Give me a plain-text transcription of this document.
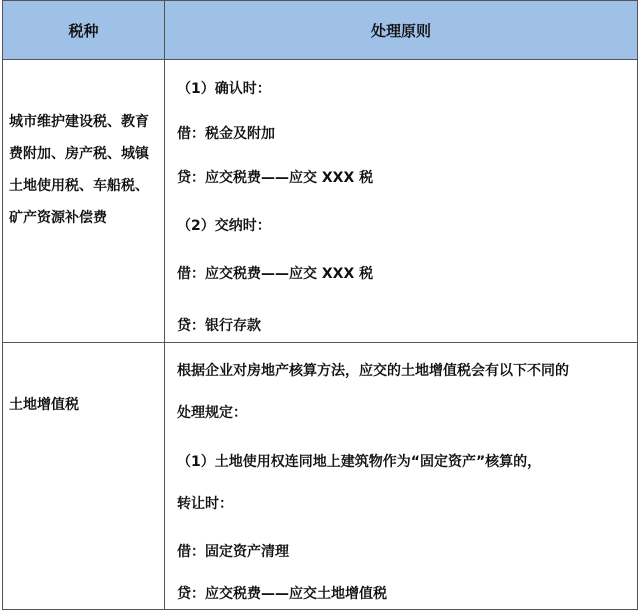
税种	处理原则
城市维护建设税、教育费附加、房产税、城镇土地使用税、车船税、矿产资源补偿费

（1）确认时：

借：税金及附加

贷：应交税费——应交 XXX 税

（2）交纳时：

借：应交税费——应交 XXX 税

贷：银行存款

土地增值税

根据企业对房地产核算方法，应交的土地增值税会有以下不同的

处理规定：

（1）土地使用权连同地上建筑物作为“固定资产”核算的，

转让时：

借：固定资产清理

贷：应交税费——应交土地增值税
